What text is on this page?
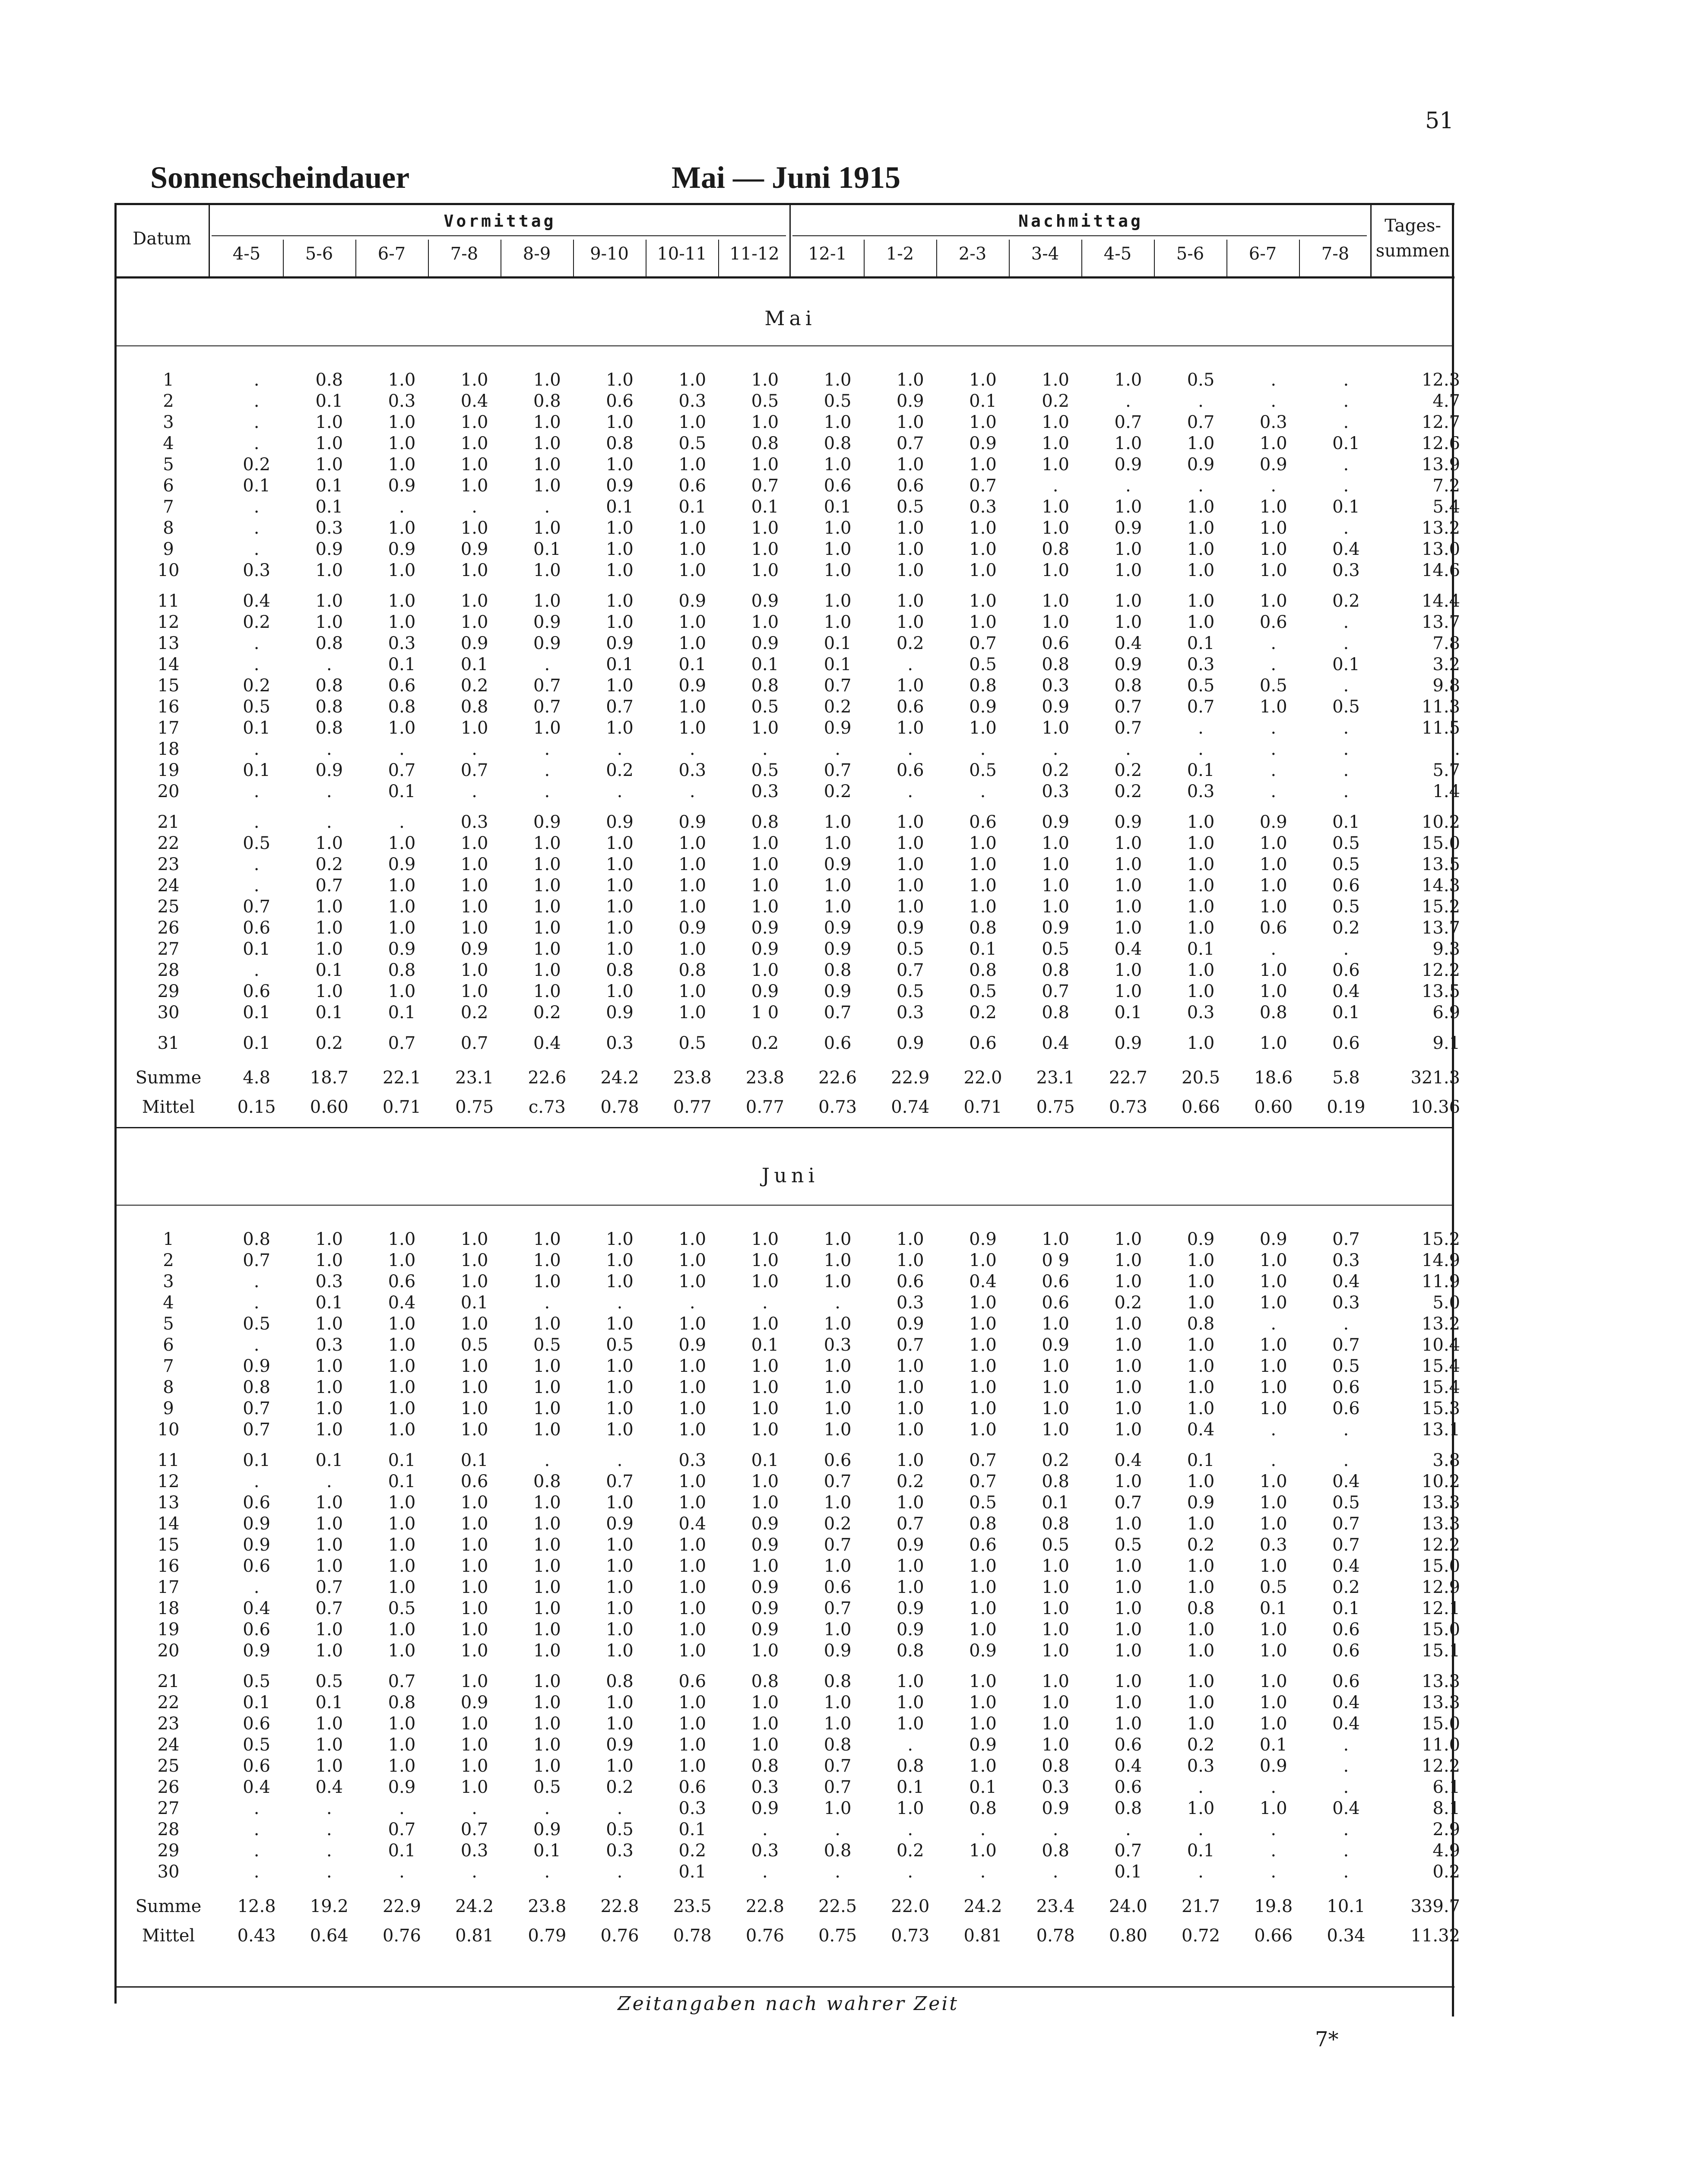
51
Sonnenscheindauer	Mai — Juni 1915
Datum
Vormittag	Nachmittag	Tages-
summen
4-5	5-6	6-7	7-8	8-9	9-10	10-11	11-12	12-1	1-2	2-3	3-4	4-5	5-6	6-7	7-8
Mai
1	.	0.8	1.0	1.0	1.0	1.0	1.0	1.0	1.0	1.0	1.0	1.0	1.0	0.5	.	.	12.3
2	.	0.1	0.3	0.4	0.8	0.6	0.3	0.5	0.5	0.9	0.1	0.2	.	.	.	.	4.7
3	.	1.0	1.0	1.0	1.0	1.0	1.0	1.0	1.0	1.0	1.0	1.0	0.7	0.7	0.3	.	12.7
4	.	1.0	1.0	1.0	1.0	0.8	0.5	0.8	0.8	0.7	0.9	1.0	1.0	1.0	1.0	0.1	12.6
5	0.2	1.0	1.0	1.0	1.0	1.0	1.0	1.0	1.0	1.0	1.0	1.0	0.9	0.9	0.9	.	13.9
6	0.1	0.1	0.9	1.0	1.0	0.9	0.6	0.7	0.6	0.6	0.7	.	.	.	.	.	7.2
7	.	0.1	.	.	.	0.1	0.1	0.1	0.1	0.5	0.3	1.0	1.0	1.0	1.0	0.1	5.4
8	.	0.3	1.0	1.0	1.0	1.0	1.0	1.0	1.0	1.0	1.0	1.0	0.9	1.0	1.0	.	13.2
9	.	0.9	0.9	0.9	0.1	1.0	1.0	1.0	1.0	1.0	1.0	0.8	1.0	1.0	1.0	0.4	13.0
10	0.3	1.0	1.0	1.0	1.0	1.0	1.0	1.0	1.0	1.0	1.0	1.0	1.0	1.0	1.0	0.3	14.6

11	0.4	1.0	1.0	1.0	1.0	1.0	0.9	0.9	1.0	1.0	1.0	1.0	1.0	1.0	1.0	0.2	14.4
12	0.2	1.0	1.0	1.0	0.9	1.0	1.0	1.0	1.0	1.0	1.0	1.0	1.0	1.0	0.6	.	13.7
13	.	0.8	0.3	0.9	0.9	0.9	1.0	0.9	0.1	0.2	0.7	0.6	0.4	0.1	.	.	7.8
14	.	.	0.1	0.1	.	0.1	0.1	0.1	0.1	.	0.5	0.8	0.9	0.3	.	0.1	3.2
15	0.2	0.8	0.6	0.2	0.7	1.0	0.9	0.8	0.7	1.0	0.8	0.3	0.8	0.5	0.5	.	9.8
16	0.5	0.8	0.8	0.8	0.7	0.7	1.0	0.5	0.2	0.6	0.9	0.9	0.7	0.7	1.0	0.5	11.3
17	0.1	0.8	1.0	1.0	1.0	1.0	1.0	1.0	0.9	1.0	1.0	1.0	0.7	.	.	.	11.5
18	.	.	.	.	.	.	.	.	.	.	.	.	.	.	.	.	.
19	0.1	0.9	0.7	0.7	.	0.2	0.3	0.5	0.7	0.6	0.5	0.2	0.2	0.1	.	.	5.7
20	.	.	0.1	.	.	.	.	0.3	0.2	.	.	0.3	0.2	0.3	.	.	1.4

21	.	.	.	0.3	0.9	0.9	0.9	0.8	1.0	1.0	0.6	0.9	0.9	1.0	0.9	0.1	10.2
22	0.5	1.0	1.0	1.0	1.0	1.0	1.0	1.0	1.0	1.0	1.0	1.0	1.0	1.0	1.0	0.5	15.0
23	.	0.2	0.9	1.0	1.0	1.0	1.0	1.0	0.9	1.0	1.0	1.0	1.0	1.0	1.0	0.5	13.5
24	.	0.7	1.0	1.0	1.0	1.0	1.0	1.0	1.0	1.0	1.0	1.0	1.0	1.0	1.0	0.6	14.3
25	0.7	1.0	1.0	1.0	1.0	1.0	1.0	1.0	1.0	1.0	1.0	1.0	1.0	1.0	1.0	0.5	15.2
26	0.6	1.0	1.0	1.0	1.0	1.0	0.9	0.9	0.9	0.9	0.8	0.9	1.0	1.0	0.6	0.2	13.7
27	0.1	1.0	0.9	0.9	1.0	1.0	1.0	0.9	0.9	0.5	0.1	0.5	0.4	0.1	.	.	9.3
28	.	0.1	0.8	1.0	1.0	0.8	0.8	1.0	0.8	0.7	0.8	0.8	1.0	1.0	1.0	0.6	12.2
29	0.6	1.0	1.0	1.0	1.0	1.0	1.0	0.9	0.9	0.5	0.5	0.7	1.0	1.0	1.0	0.4	13.5
30	0.1	0.1	0.1	0.2	0.2	0.9	1.0	1 0	0.7	0.3	0.2	0.8	0.1	0.3	0.8	0.1	6.9

31	0.1	0.2	0.7	0.7	0.4	0.3	0.5	0.2	0.6	0.9	0.6	0.4	0.9	1.0	1.0	0.6	9.1

Summe	4.8	18.7	22.1	23.1	22.6	24.2	23.8	23.8	22.6	22.9	22.0	23.1	22.7	20.5	18.6	5.8	321.3
Mittel	0.15	0.60	0.71	0.75	c.73	0.78	0.77	0.77	0.73	0.74	0.71	0.75	0.73	0.66	0.60	0.19	10.36
Juni
1	0.8	1.0	1.0	1.0	1.0	1.0	1.0	1.0	1.0	1.0	0.9	1.0	1.0	0.9	0.9	0.7	15.2
2	0.7	1.0	1.0	1.0	1.0	1.0	1.0	1.0	1.0	1.0	1.0	0 9	1.0	1.0	1.0	0.3	14.9
3	.	0.3	0.6	1.0	1.0	1.0	1.0	1.0	1.0	0.6	0.4	0.6	1.0	1.0	1.0	0.4	11.9
4	.	0.1	0.4	0.1	.	.	.	.	.	0.3	1.0	0.6	0.2	1.0	1.0	0.3	5.0
5	0.5	1.0	1.0	1.0	1.0	1.0	1.0	1.0	1.0	0.9	1.0	1.0	1.0	0.8	.	.	13.2
6	.	0.3	1.0	0.5	0.5	0.5	0.9	0.1	0.3	0.7	1.0	0.9	1.0	1.0	1.0	0.7	10.4
7	0.9	1.0	1.0	1.0	1.0	1.0	1.0	1.0	1.0	1.0	1.0	1.0	1.0	1.0	1.0	0.5	15.4
8	0.8	1.0	1.0	1.0	1.0	1.0	1.0	1.0	1.0	1.0	1.0	1.0	1.0	1.0	1.0	0.6	15.4
9	0.7	1.0	1.0	1.0	1.0	1.0	1.0	1.0	1.0	1.0	1.0	1.0	1.0	1.0	1.0	0.6	15.3
10	0.7	1.0	1.0	1.0	1.0	1.0	1.0	1.0	1.0	1.0	1.0	1.0	1.0	0.4	.	.	13.1

11	0.1	0.1	0.1	0.1	.	.	0.3	0.1	0.6	1.0	0.7	0.2	0.4	0.1	.	.	3.8
12	.	.	0.1	0.6	0.8	0.7	1.0	1.0	0.7	0.2	0.7	0.8	1.0	1.0	1.0	0.4	10.2
13	0.6	1.0	1.0	1.0	1.0	1.0	1.0	1.0	1.0	1.0	0.5	0.1	0.7	0.9	1.0	0.5	13.3
14	0.9	1.0	1.0	1.0	1.0	0.9	0.4	0.9	0.2	0.7	0.8	0.8	1.0	1.0	1.0	0.7	13.3
15	0.9	1.0	1.0	1.0	1.0	1.0	1.0	0.9	0.7	0.9	0.6	0.5	0.5	0.2	0.3	0.7	12.2
16	0.6	1.0	1.0	1.0	1.0	1.0	1.0	1.0	1.0	1.0	1.0	1.0	1.0	1.0	1.0	0.4	15.0
17	.	0.7	1.0	1.0	1.0	1.0	1.0	0.9	0.6	1.0	1.0	1.0	1.0	1.0	0.5	0.2	12.9
18	0.4	0.7	0.5	1.0	1.0	1.0	1.0	0.9	0.7	0.9	1.0	1.0	1.0	0.8	0.1	0.1	12.1
19	0.6	1.0	1.0	1.0	1.0	1.0	1.0	0.9	1.0	0.9	1.0	1.0	1.0	1.0	1.0	0.6	15.0
20	0.9	1.0	1.0	1.0	1.0	1.0	1.0	1.0	0.9	0.8	0.9	1.0	1.0	1.0	1.0	0.6	15.1

21	0.5	0.5	0.7	1.0	1.0	0.8	0.6	0.8	0.8	1.0	1.0	1.0	1.0	1.0	1.0	0.6	13.3
22	0.1	0.1	0.8	0.9	1.0	1.0	1.0	1.0	1.0	1.0	1.0	1.0	1.0	1.0	1.0	0.4	13.3
23	0.6	1.0	1.0	1.0	1.0	1.0	1.0	1.0	1.0	1.0	1.0	1.0	1.0	1.0	1.0	0.4	15.0
24	0.5	1.0	1.0	1.0	1.0	0.9	1.0	1.0	0.8	.	0.9	1.0	0.6	0.2	0.1	.	11.0
25	0.6	1.0	1.0	1.0	1.0	1.0	1.0	0.8	0.7	0.8	1.0	0.8	0.4	0.3	0.9	.	12.2
26	0.4	0.4	0.9	1.0	0.5	0.2	0.6	0.3	0.7	0.1	0.1	0.3	0.6	.	.	.	6.1
27	.	.	.	.	.	.	0.3	0.9	1.0	1.0	0.8	0.9	0.8	1.0	1.0	0.4	8.1
28	.	.	0.7	0.7	0.9	0.5	0.1	.	.	.	.	.	.	.	.	.	2.9
29	.	.	0.1	0.3	0.1	0.3	0.2	0.3	0.8	0.2	1.0	0.8	0.7	0.1	.	.	4.9
30	.	.	.	.	.	.	0.1	.	.	.	.	.	0.1	.	.	.	0.2

Summe	12.8	19.2	22.9	24.2	23.8	22.8	23.5	22.8	22.5	22.0	24.2	23.4	24.0	21.7	19.8	10.1	339.7
Mittel	0.43	0.64	0.76	0.81	0.79	0.76	0.78	0.76	0.75	0.73	0.81	0.78	0.80	0.72	0.66	0.34	11.32
Zeitangaben nach wahrer Zeit
7*
